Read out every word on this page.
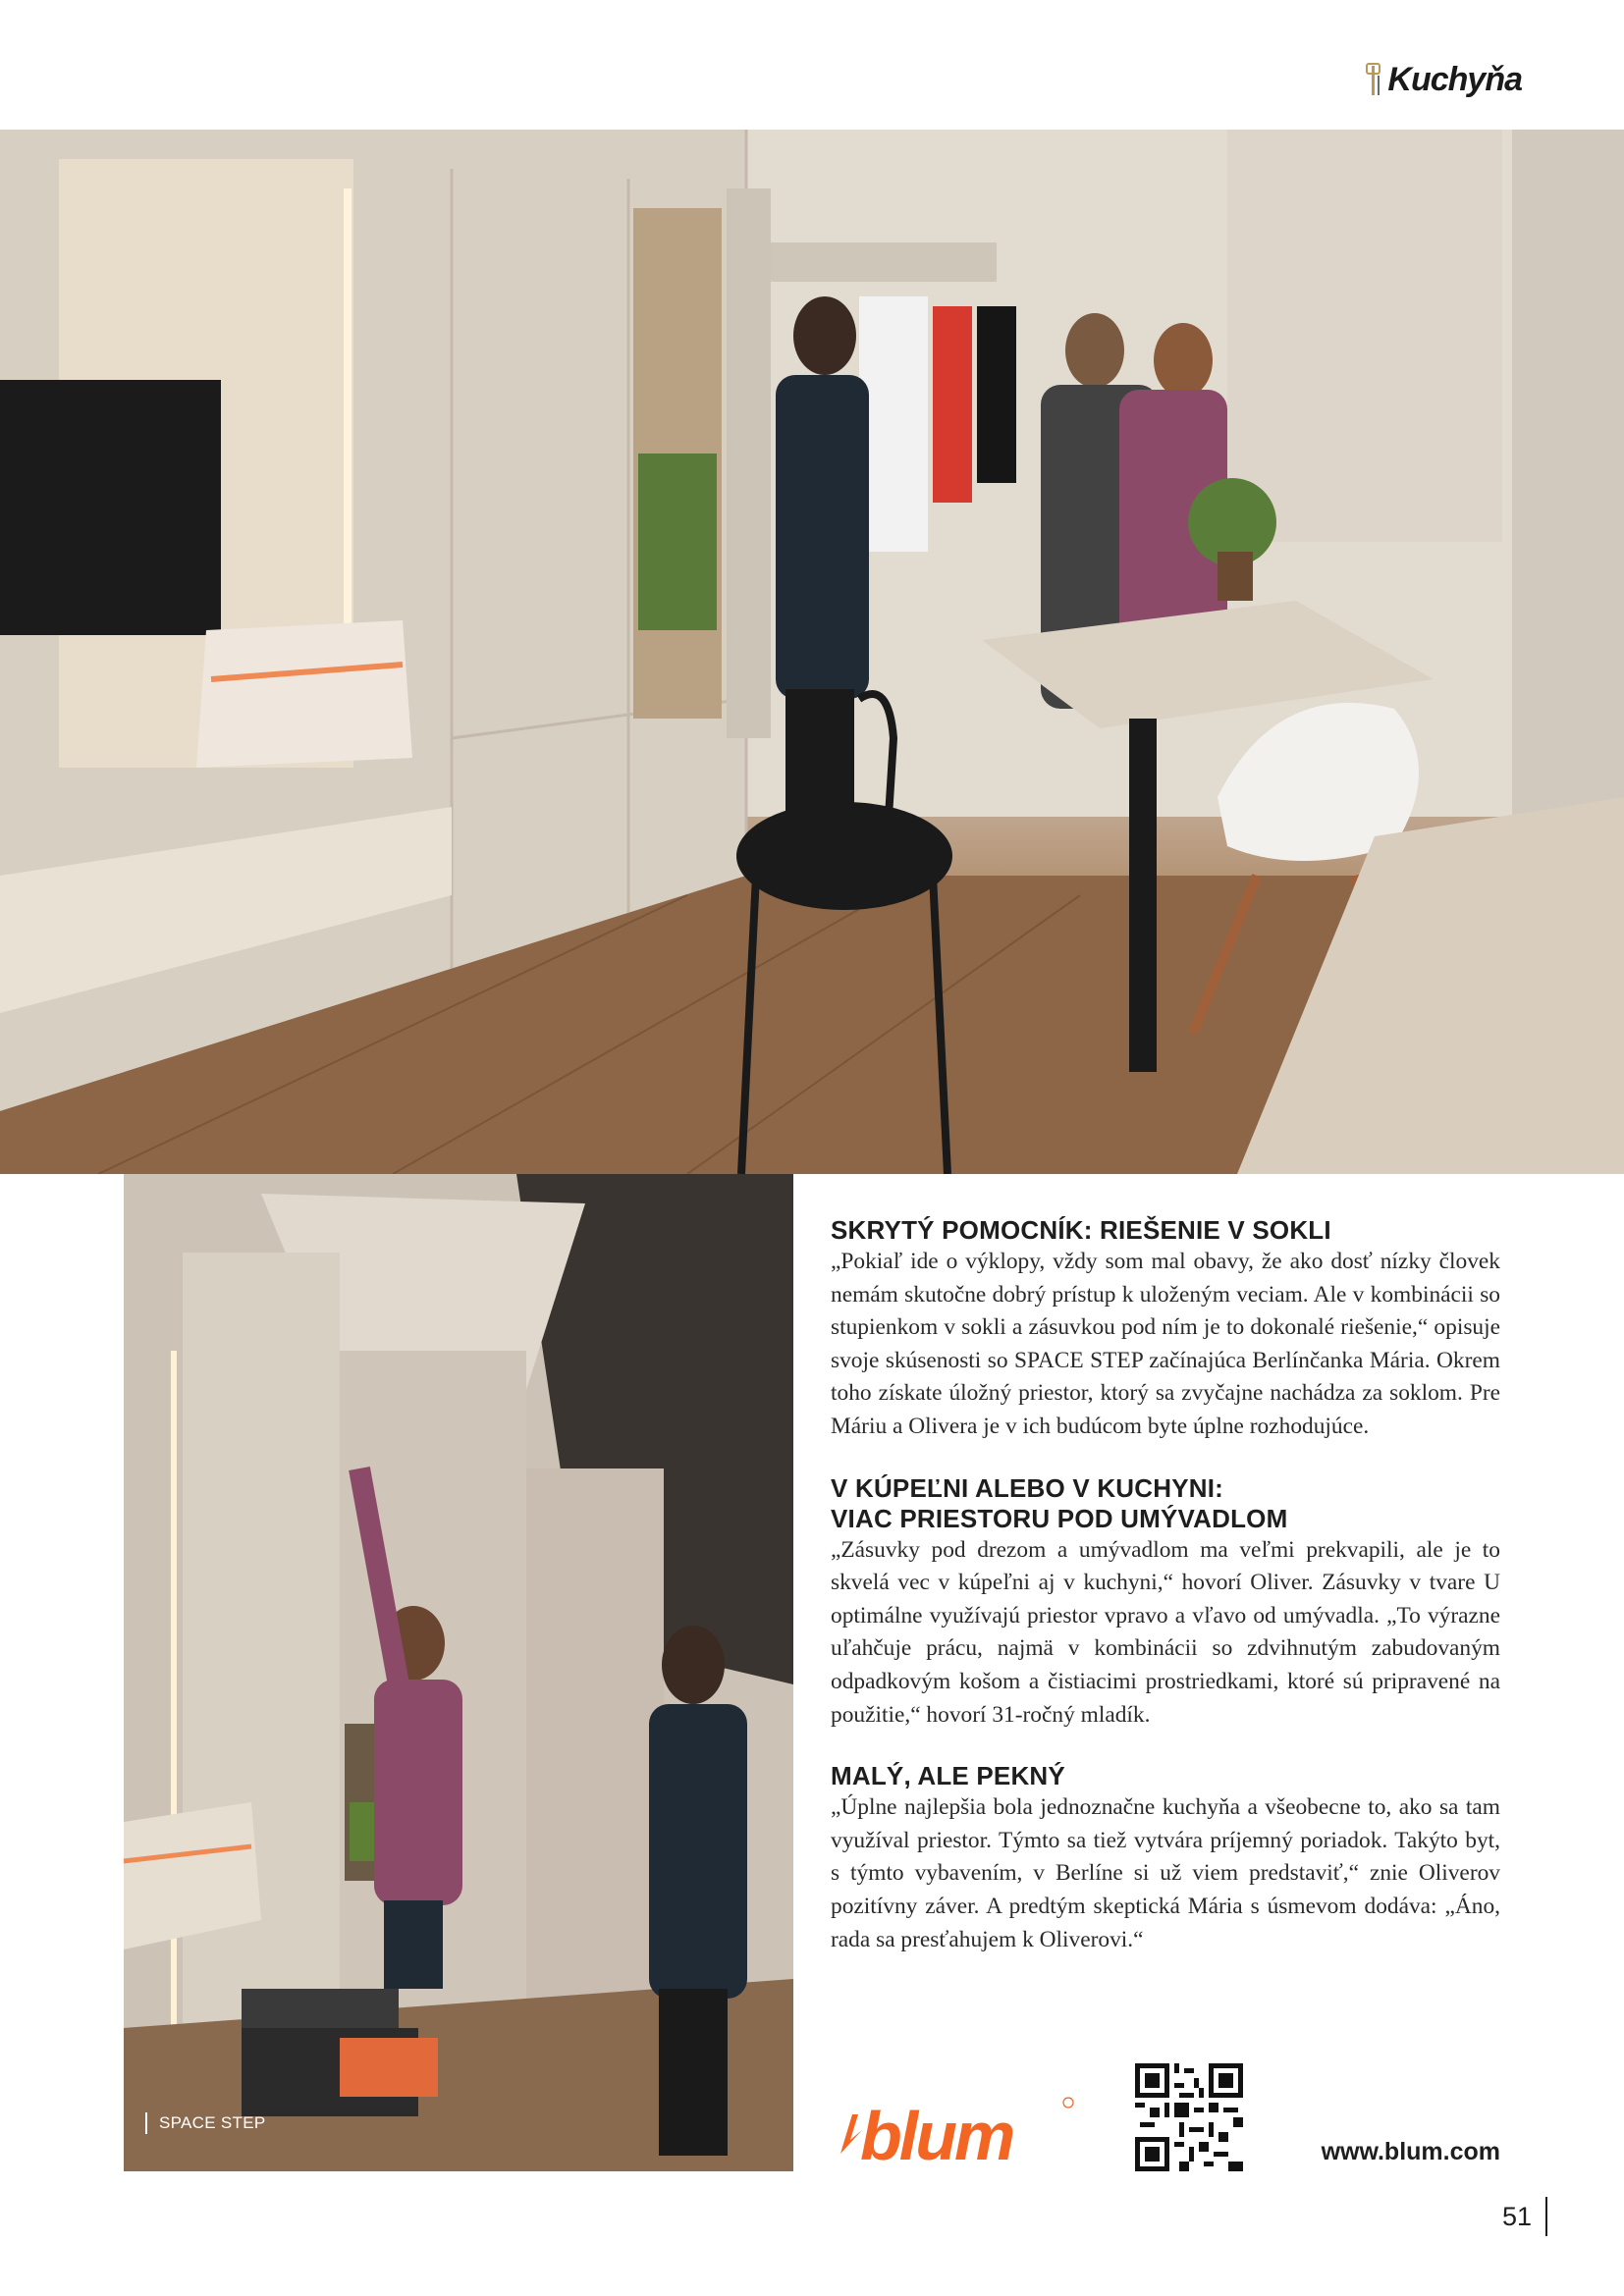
Kuchyňa
SPACE STEP
SKRYTÝ POMOCNÍK: RIEŠENIE V SOKLI

„Pokiaľ ide o výklopy, vždy som mal obavy, že ako dosť nízky človek nemám skutočne dobrý prístup k uloženým veciam. Ale v kombinácii so stupienkom v sokli a zásuvkou pod ním je to dokonalé riešenie,“ opisuje svoje skúsenosti so SPACE STEP začínajúca Berlínčanka Mária. Okrem toho získate úložný priestor, ktorý sa zvyčajne nachádza za soklom. Pre Máriu a Olivera je v ich budúcom byte úplne rozhodujúce.

V KÚPEĽNI ALEBO V KUCHYNI:
VIAC PRIESTORU POD UMÝVADLOM

„Zásuvky pod drezom a umývadlom ma veľmi prekvapili, ale je to skvelá vec v kúpeľni aj v kuchyni,“ hovorí Oliver. Zásuvky v tvare U optimálne využívajú priestor vpravo a vľavo od umývadla. „To výrazne uľahčuje prácu, najmä v kombinácii so zdvihnutým zabudovaným odpadkovým košom a čistiacimi prostriedkami, ktoré sú pripravené na použitie,“ hovorí 31-ročný mladík.

MALÝ, ALE PEKNÝ

„Úplne najlepšia bola jednoznačne kuchyňa a všeobecne to, ako sa tam využíval priestor. Týmto sa tiež vytvára príjemný poriadok. Takýto byt, s týmto vybavením, v Berlíne si už viem predstaviť,“ znie Oliverov pozitívny záver. A predtým skeptická Mária s úsmevom dodáva: „Áno, rada sa presťahujem k Oliverovi.“

blum	www.blum.com
51
